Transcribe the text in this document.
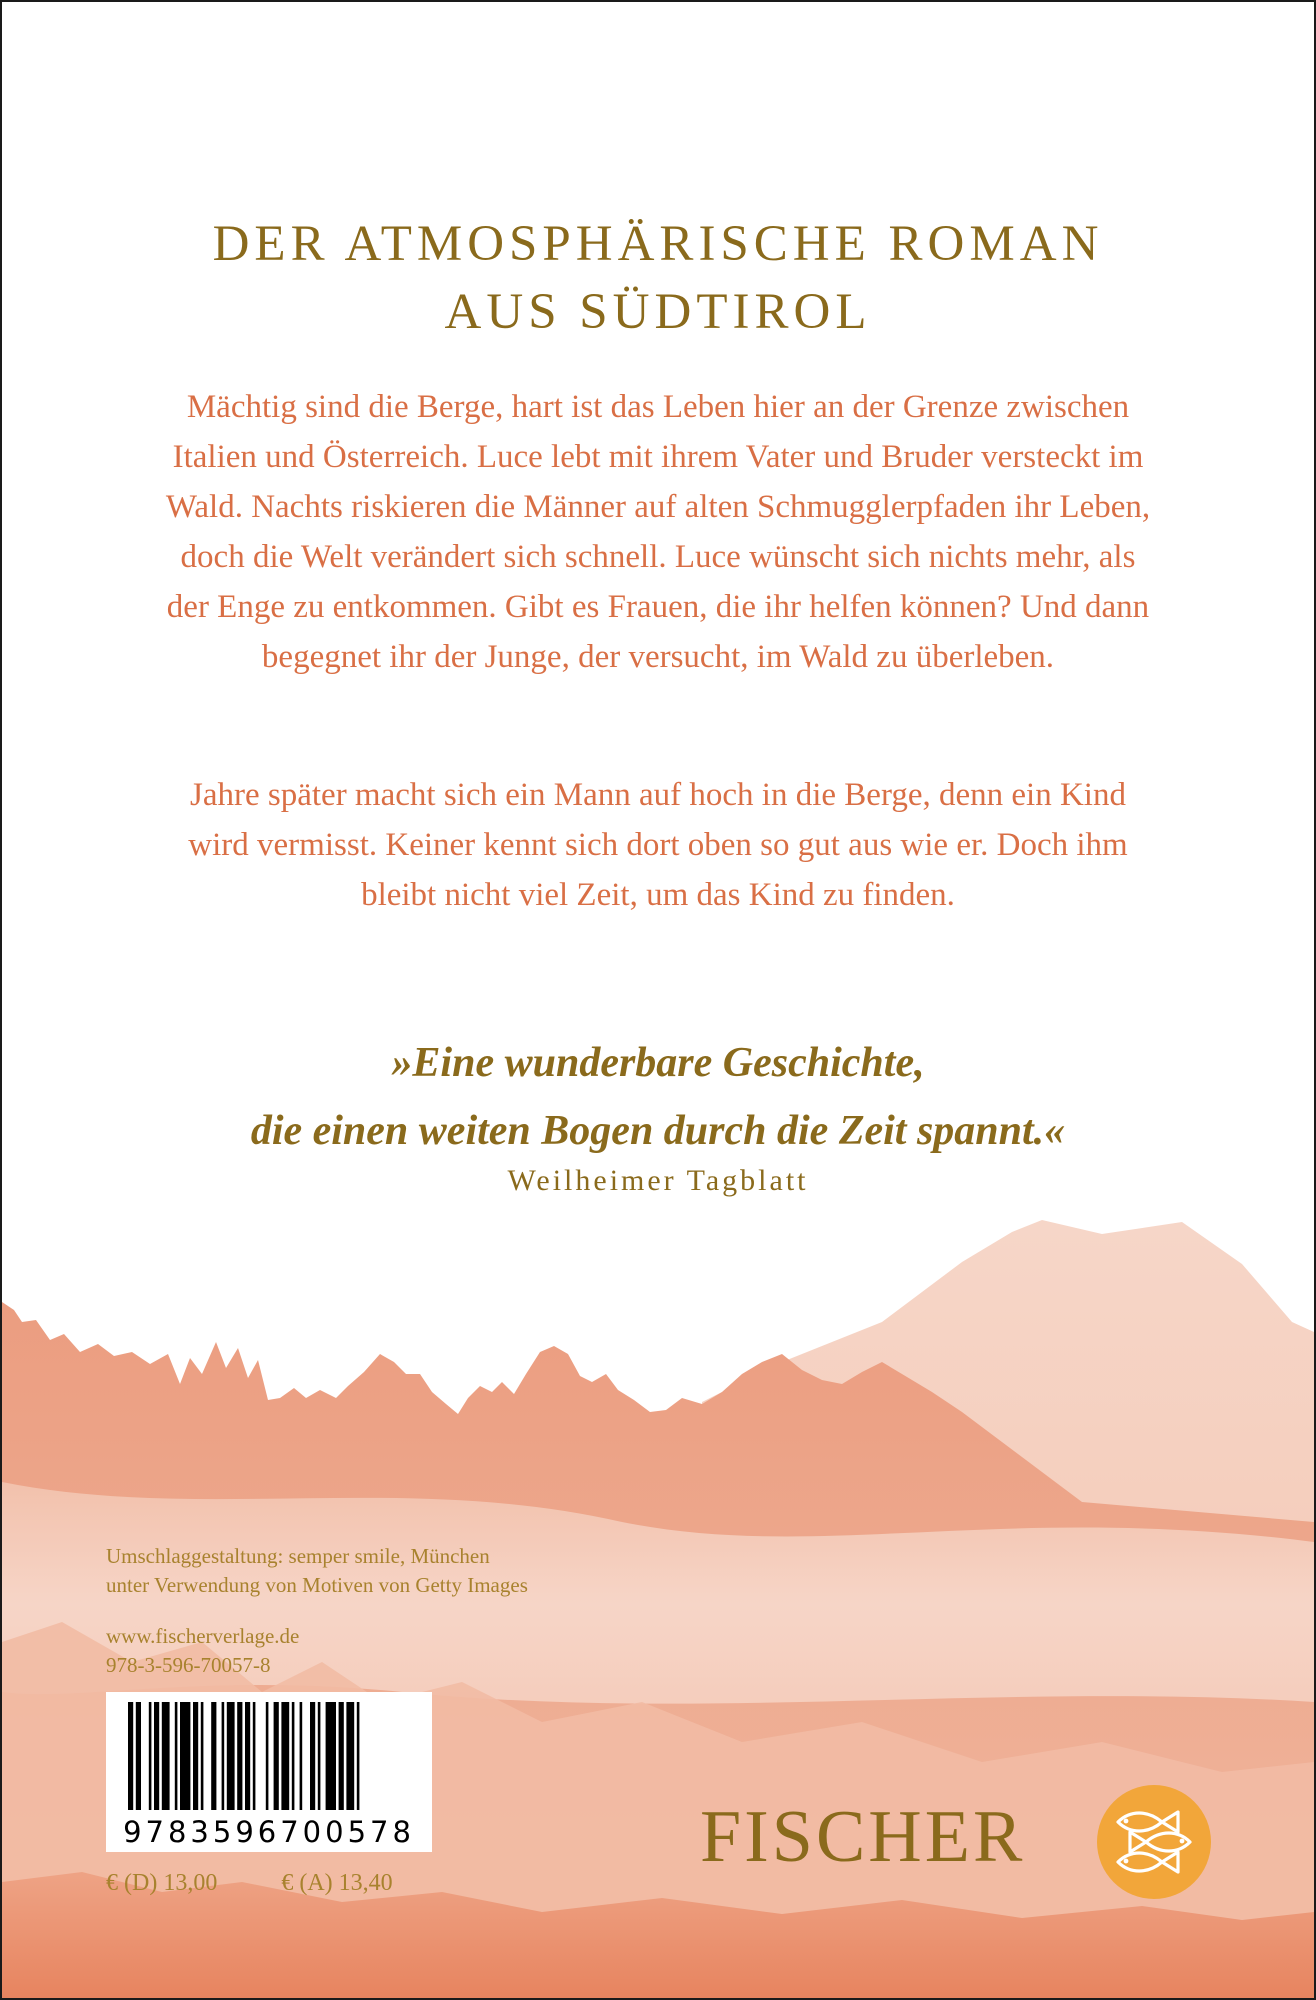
DER ATMOSPHÄRISCHE ROMAN
AUS SÜDTIROL

Mächtig sind die Berge, hart ist das Leben hier an der Grenze zwischen Italien und Österreich. Luce lebt mit ihrem Vater und Bruder versteckt im Wald. Nachts riskieren die Männer auf alten Schmugglerpfaden ihr Leben, doch die Welt verändert sich schnell. Luce wünscht sich nichts mehr, als der Enge zu entkommen. Gibt es Frauen, die ihr helfen können? Und dann begegnet ihr der Junge, der versucht, im Wald zu überleben.

Jahre später macht sich ein Mann auf hoch in die Berge, denn ein Kind wird vermisst. Keiner kennt sich dort oben so gut aus wie er. Doch ihm bleibt nicht viel Zeit, um das Kind zu finden.

»Eine wunderbare Geschichte,
die einen weiten Bogen durch die Zeit spannt.«
Weilheimer Tagblatt
Umschlaggestaltung: semper smile, München
unter Verwendung von Motiven von Getty Images
www.fischerverlage.de
978-3-596-70057-8
9783596700578
€ (D) 13,00	€ (A) 13,40
FISCHER
